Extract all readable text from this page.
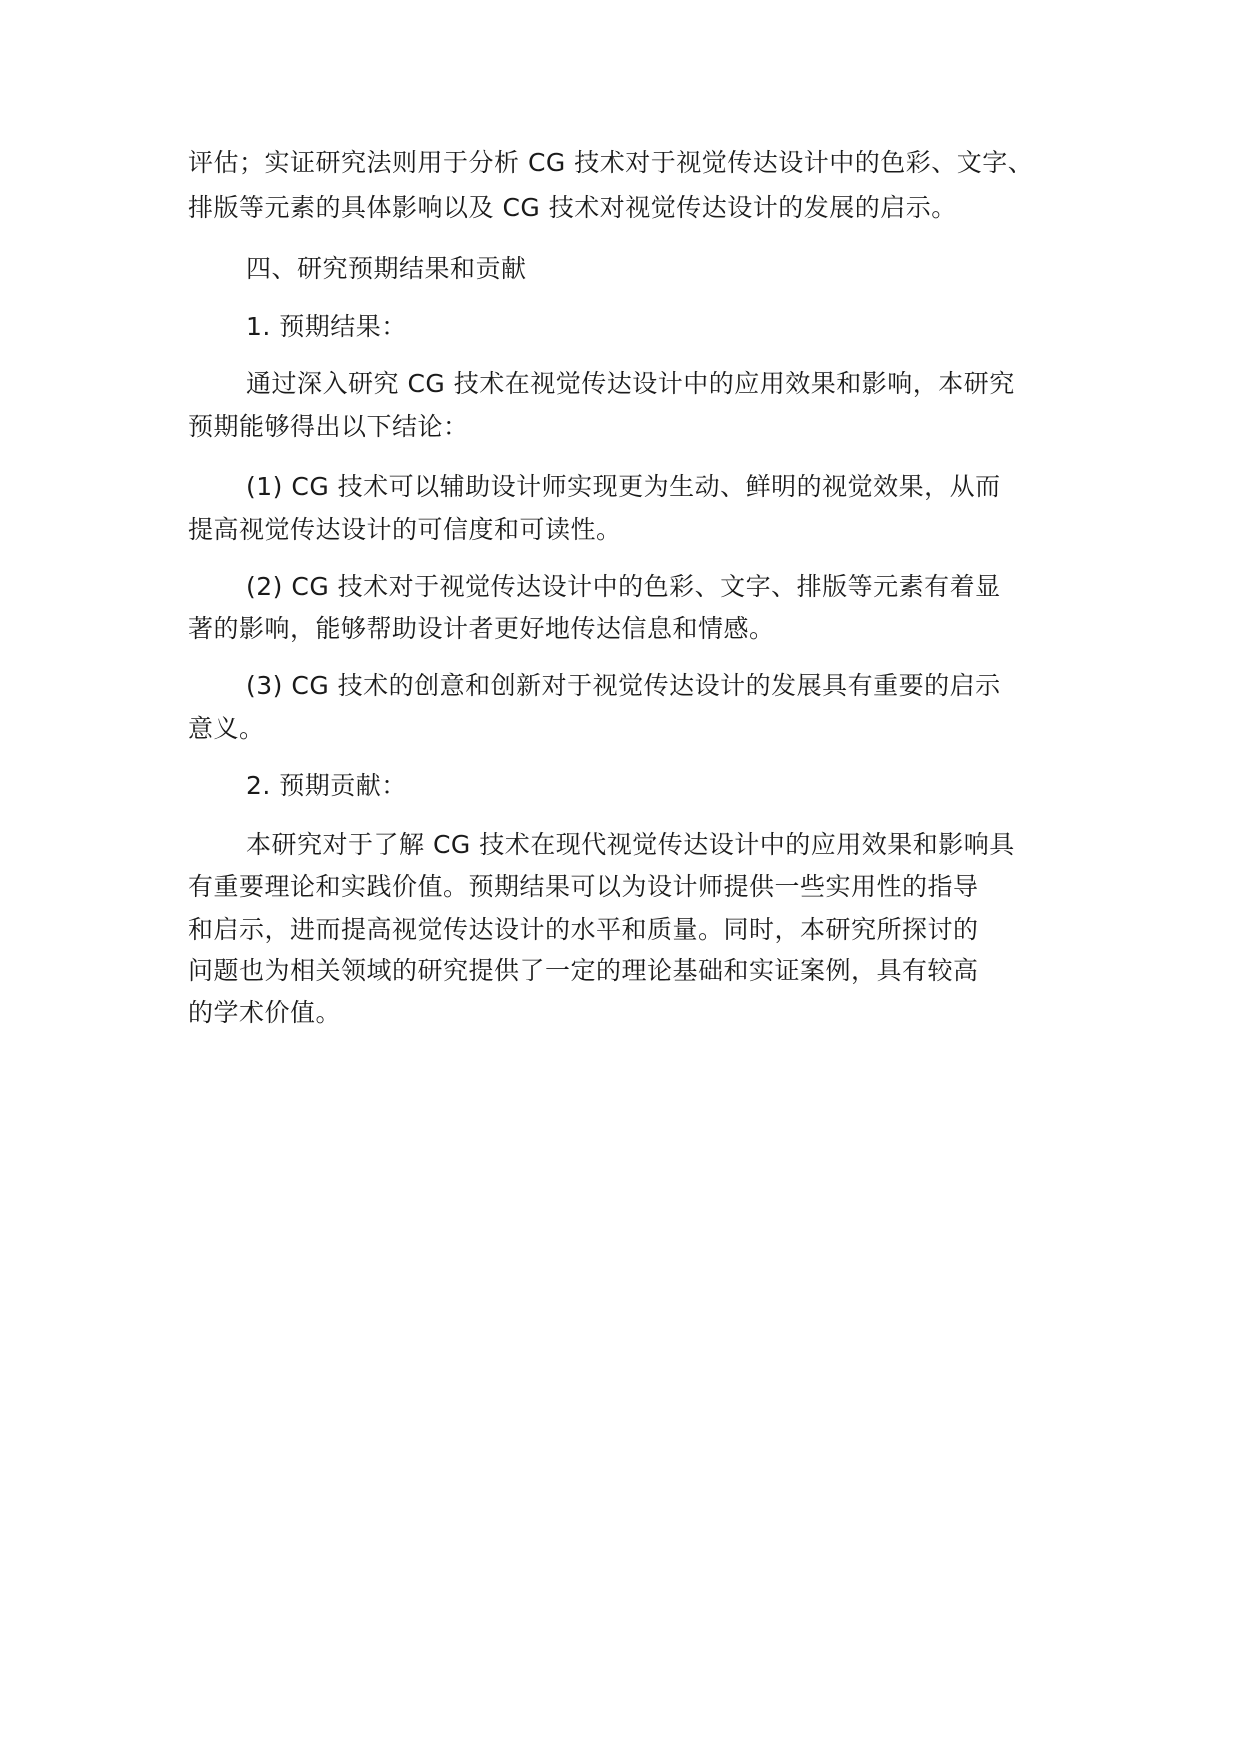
评估；实证研究法则用于分析 CG 技术对于视觉传达设计中的色彩、文字、
排版等元素的具体影响以及 CG 技术对视觉传达设计的发展的启示。
四、研究预期结果和贡献
1. 预期结果：
通过深入研究 CG 技术在视觉传达设计中的应用效果和影响，本研究
预期能够得出以下结论：
(1) CG 技术可以辅助设计师实现更为生动、鲜明的视觉效果，从而
提高视觉传达设计的可信度和可读性。
(2) CG 技术对于视觉传达设计中的色彩、文字、排版等元素有着显
著的影响，能够帮助设计者更好地传达信息和情感。
(3) CG 技术的创意和创新对于视觉传达设计的发展具有重要的启示
意义。
2. 预期贡献：
本研究对于了解 CG 技术在现代视觉传达设计中的应用效果和影响具
有重要理论和实践价值。预期结果可以为设计师提供一些实用性的指导
和启示，进而提高视觉传达设计的水平和质量。同时，本研究所探讨的
问题也为相关领域的研究提供了一定的理论基础和实证案例，具有较高
的学术价值。
